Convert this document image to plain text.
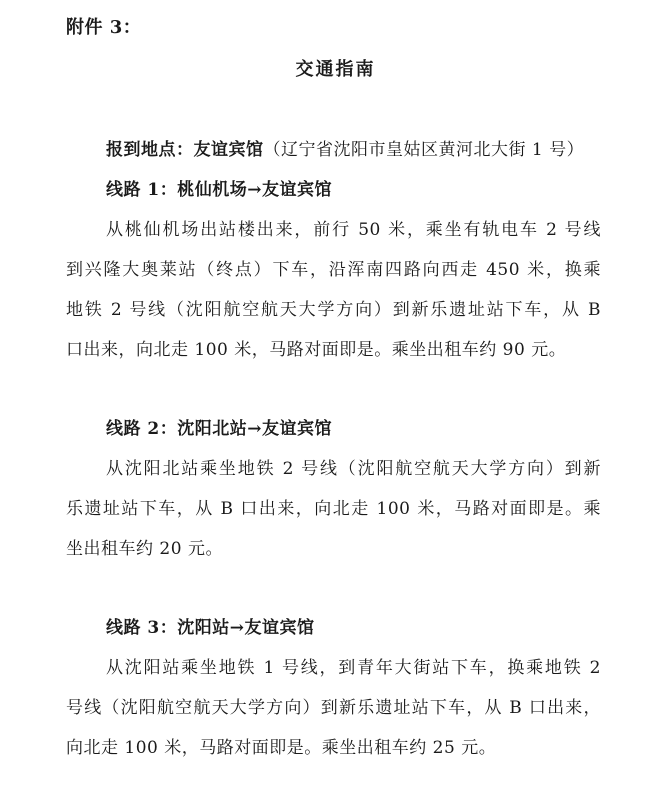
附件 3：
交通指南
报到地点：友谊宾馆（辽宁省沈阳市皇姑区黄河北大街 1 号）
线路 1：桃仙机场→友谊宾馆
从桃仙机场出站楼出来，前行 50 米，乘坐有轨电车 2 号线
到兴隆大奥莱站（终点）下车，沿浑南四路向西走 450 米，换乘
地铁 2 号线（沈阳航空航天大学方向）到新乐遗址站下车，从 B
口出来，向北走 100 米，马路对面即是。乘坐出租车约 90 元。
线路 2：沈阳北站→友谊宾馆
从沈阳北站乘坐地铁 2 号线（沈阳航空航天大学方向）到新
乐遗址站下车，从 B 口出来，向北走 100 米，马路对面即是。乘
坐出租车约 20 元。
线路 3：沈阳站→友谊宾馆
从沈阳站乘坐地铁 1 号线，到青年大街站下车，换乘地铁 2
号线（沈阳航空航天大学方向）到新乐遗址站下车，从 B 口出来，
向北走 100 米，马路对面即是。乘坐出租车约 25 元。
